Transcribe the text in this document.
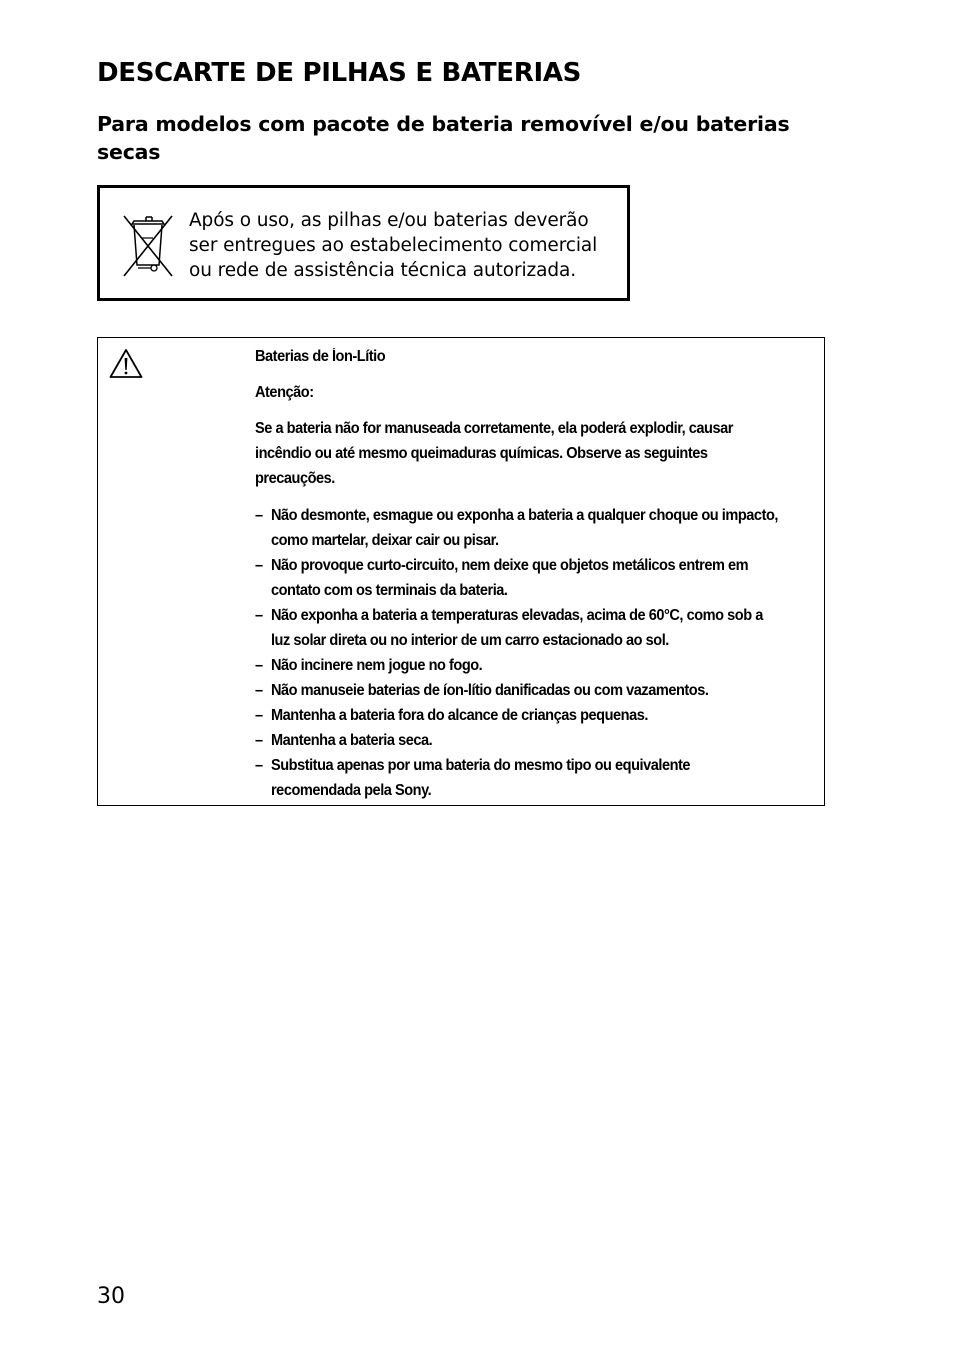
DESCARTE DE PILHAS E BATERIAS
Para modelos com pacote de bateria removível e/ou baterias secas
Após o uso, as pilhas e/ou baterias deverão ser entregues ao estabelecimento comercial ou rede de assistência técnica autorizada.

Baterias de Íon-Lítio

Atenção:

Se a bateria não for manuseada corretamente, ela poderá explodir, causar incêndio ou até mesmo queimaduras químicas. Observe as seguintes precauções.

– Não desmonte, esmague ou exponha a bateria a qualquer choque ou impacto, como martelar, deixar cair ou pisar.
– Não provoque curto-circuito, nem deixe que objetos metálicos entrem em contato com os terminais da bateria.
– Não exponha a bateria a temperaturas elevadas, acima de 60°C, como sob a luz solar direta ou no interior de um carro estacionado ao sol.
– Não incinere nem jogue no fogo.
– Não manuseie baterias de íon-lítio danificadas ou com vazamentos.
– Mantenha a bateria fora do alcance de crianças pequenas.
– Mantenha a bateria seca.
– Substitua apenas por uma bateria do mesmo tipo ou equivalente recomendada pela Sony.
30
